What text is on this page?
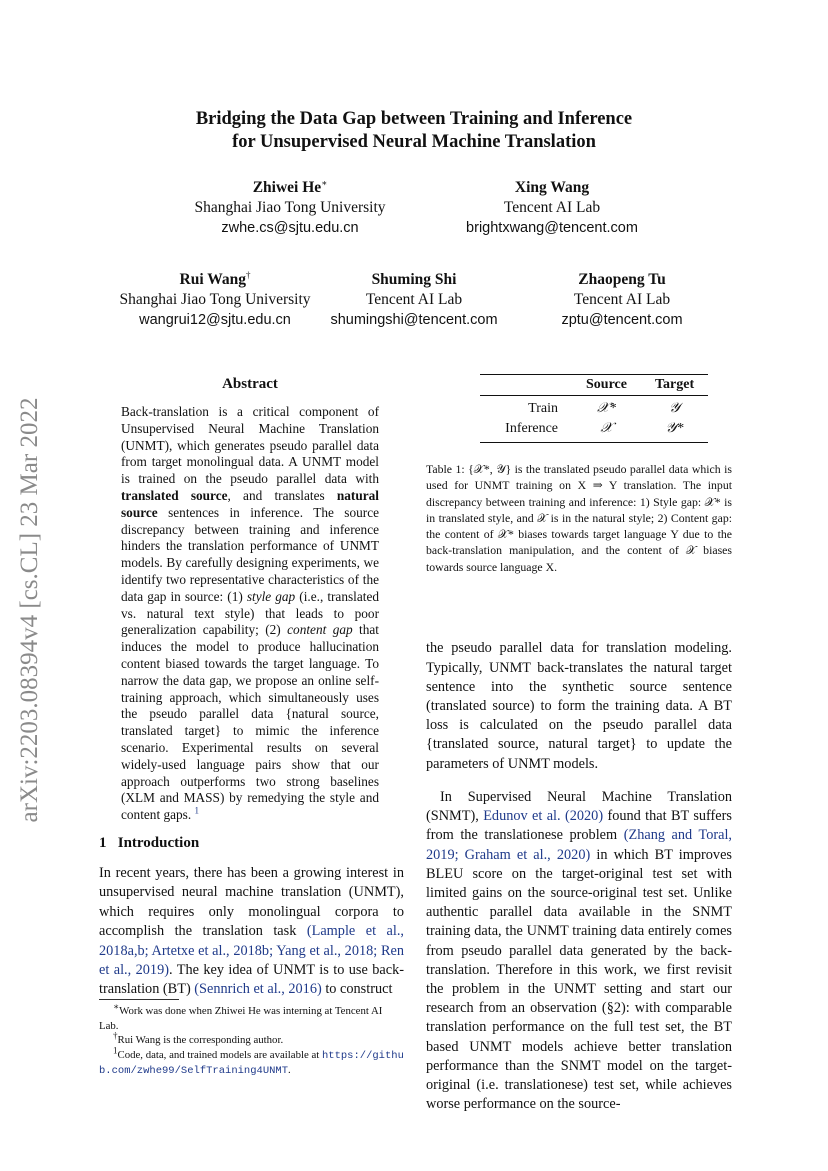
arXiv:2203.08394v4 [cs.CL] 23 Mar 2022
Bridging the Data Gap between Training and Inference
for Unsupervised Neural Machine Translation
Zhiwei He∗
Shanghai Jiao Tong University
zwhe.cs@sjtu.edu.cn
Xing Wang
Tencent AI Lab
brightxwang@tencent.com
Rui Wang†
Shanghai Jiao Tong University
wangrui12@sjtu.edu.cn
Shuming Shi
Tencent AI Lab
shumingshi@tencent.com
Zhaopeng Tu
Tencent AI Lab
zptu@tencent.com
Abstract
Back-translation is a critical component of Unsupervised Neural Machine Translation (UNMT), which generates pseudo parallel data from target monolingual data. A UNMT model is trained on the pseudo parallel data with translated source, and translates natural source sentences in inference. The source discrepancy between training and inference hinders the translation performance of UNMT models. By carefully designing experiments, we identify two representative characteristics of the data gap in source: (1) style gap (i.e., translated vs. natural text style) that leads to poor generalization capability; (2) content gap that induces the model to produce hallucination content biased towards the target language. To narrow the data gap, we propose an online self-training approach, which simultaneously uses the pseudo parallel data {natural source, translated target} to mimic the inference scenario. Experimental results on several widely-used language pairs show that our approach outperforms two strong baselines (XLM and MASS) by remedying the style and content gaps. $^1$
1 Introduction
In recent years, there has been a growing interest in unsupervised neural machine translation (UNMT), which requires only monolingual corpora to accomplish the translation task (Lample et al., 2018a,b; Artetxe et al., 2018b; Yang et al., 2018; Ren et al., 2019). The key idea of UNMT is to use back-translation (BT) (Sennrich et al., 2016) to construct
∗Work was done when Zhiwei He was interning at Tencent AI Lab.
†Rui Wang is the corresponding author.
$^1$Code, data, and trained models are available at https://github.com/zwhe99/SelfTraining4UNMT.
	Source	Target
Train	𝒳*	𝒴
Inference	𝒳	𝒴*
Table 1: {𝒳*, 𝒴} is the translated pseudo parallel data which is used for UNMT training on X ⇒ Y translation. The input discrepancy between training and inference: 1) Style gap: 𝒳* is in translated style, and 𝒳 is in the natural style; 2) Content gap: the content of 𝒳* biases towards target language Y due to the back-translation manipulation, and the content of 𝒳 biases towards source language X.

the pseudo parallel data for translation modeling. Typically, UNMT back-translates the natural target sentence into the synthetic source sentence (translated source) to form the training data. A BT loss is calculated on the pseudo parallel data {translated source, natural target} to update the parameters of UNMT models.

In Supervised Neural Machine Translation (SNMT), Edunov et al. (2020) found that BT suffers from the translationese problem (Zhang and Toral, 2019; Graham et al., 2020) in which BT improves BLEU score on the target-original test set with limited gains on the source-original test set. Unlike authentic parallel data available in the SNMT training data, the UNMT training data entirely comes from pseudo parallel data generated by the back-translation. Therefore in this work, we first revisit the problem in the UNMT setting and start our research from an observation (§2): with comparable translation performance on the full test set, the BT based UNMT models achieve better translation performance than the SNMT model on the target-original (i.e. translationese) test set, while achieves worse performance on the source-
